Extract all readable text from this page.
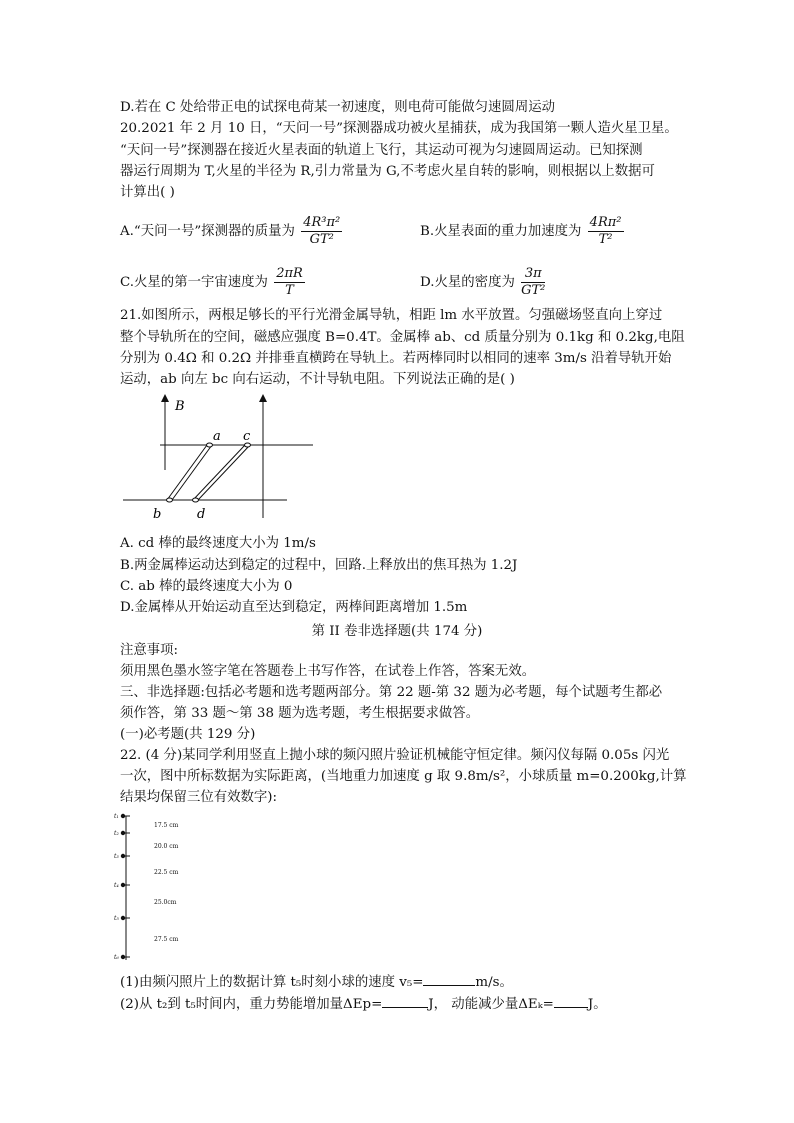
D.若在 C 处给带正电的试探电荷某一初速度，则电荷可能做匀速圆周运动
20.2021 年 2 月 10 日，“天问一号”探测器成功被火星捕获，成为我国第一颗人造火星卫星。
“天问一号”探测器在接近火星表面的轨道上飞行，其运动可视为匀速圆周运动。已知探测
器运行周期为 T,火星的半径为 R,引力常量为 G,不考虑火星自转的影响，则根据以上数据可
计算出( )
A.“天问一号”探测器的质量为 $\frac{\text{4R³π²}}{\text{GT²}}$	B.火星表面的重力加速度为 $\frac{\text{4Rπ²}}{\text{T²}}$
C.火星的第一宇宙速度为 $\frac{2\pi R}{T}$	D.火星的密度为 $\frac{3\pi}{\text{GT²}}$
21.如图所示，两根足够长的平行光滑金属导轨，相距 lm 水平放置。匀强磁场竖直向上穿过
整个导轨所在的空间，磁感应强度 B=0.4T。金属棒 ab、cd 质量分别为 0.1kg 和 0.2kg,电阻
分别为 0.4Ω 和 0.2Ω 并排垂直横跨在导轨上。若两棒同时以相同的速率 3m/s 沿着导轨开始
运动，ab 向左 bc 向右运动，不计导轨电阻。下列说法正确的是( )
B
a c
b	d
A. cd 棒的最终速度大小为 1m/s
B.两金属棒运动达到稳定的过程中，回路.上释放出的焦耳热为 1.2J
C. ab 棒的最终速度大小为 0
D.金属棒从开始运动直至达到稳定，两棒间距离增加 1.5m
第 II 卷非选择题(共 174 分)
注意事项:
须用黑色墨水签字笔在答题卷上书写作答，在试卷上作答，答案无效。
三、非选择题:包括必考题和选考题两部分。第 22 题-第 32 题为必考题，每个试题考生都必
须作答，第 33 题～第 38 题为选考题，考生根据要求做答。
(一)必考题(共 129 分)
22. (4 分)某同学利用竖直上抛小球的频闪照片验证机械能守恒定律。频闪仪每隔 0.05s 闪光
一次，图中所标数据为实际距离，(当地重力加速度 g 取 9.8m/s²，小球质量 m=0.200kg,计算
结果均保留三位有效数字):
t₁
t₂
t₃
t₄
t₅
t₆
17.5 cm
20.0 cm
22.5 cm
25.0cm
27.5 cm
(1)由频闪照片上的数据计算 t₅时刻小球的速度 v₅=	m/s。
(2)从 t₂到 t₅时间内，重力势能增加量ΔEp=	J， 动能减少量ΔEₖ=	J。
